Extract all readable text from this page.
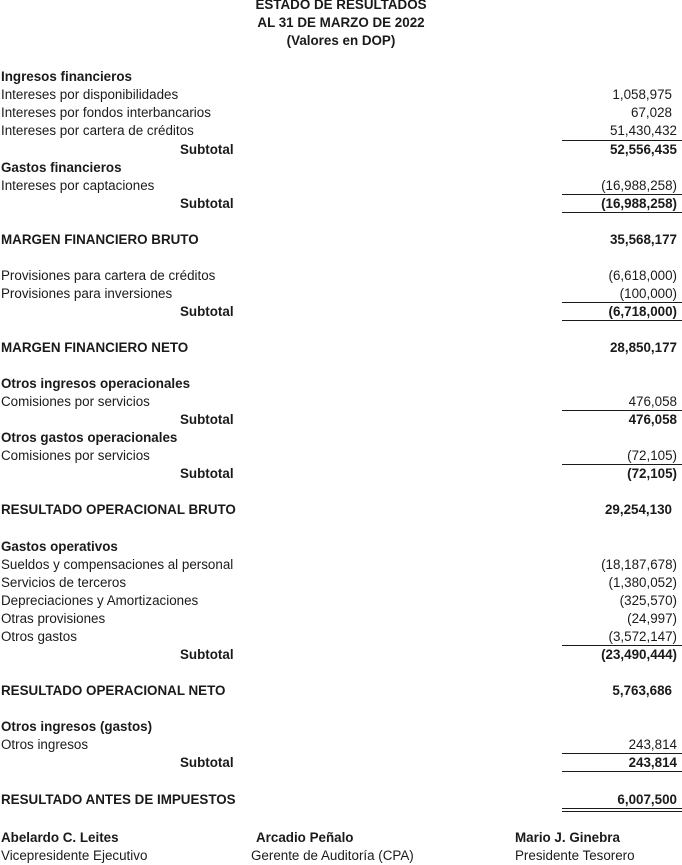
ESTADO DE RESULTADOS
AL 31 DE MARZO DE 2022
(Valores en DOP)
Ingresos financieros
Intereses por disponibilidades	1,058,975
Intereses por fondos interbancarios	67,028
Intereses por cartera de créditos	51,430,432
Subtotal	52,556,435
Gastos financieros
Intereses por captaciones	(16,988,258)
Subtotal	(16,988,258)
MARGEN FINANCIERO BRUTO	35,568,177
Provisiones para cartera de créditos	(6,618,000)
Provisiones para inversiones	(100,000)
Subtotal	(6,718,000)
MARGEN FINANCIERO NETO	28,850,177
Otros ingresos operacionales
Comisiones por servicios	476,058
Subtotal	476,058
Otros gastos operacionales
Comisiones por servicios	(72,105)
Subtotal	(72,105)
RESULTADO OPERACIONAL BRUTO	29,254,130
Gastos operativos
Sueldos y compensaciones al personal	(18,187,678)
Servicios de terceros	(1,380,052)
Depreciaciones y Amortizaciones	(325,570)
Otras provisiones	(24,997)
Otros gastos	(3,572,147)
Subtotal	(23,490,444)
RESULTADO OPERACIONAL NETO	5,763,686
Otros ingresos (gastos)
Otros ingresos	243,814
Subtotal	243,814
RESULTADO ANTES DE IMPUESTOS	6,007,500
Abelardo C. Leites
Vicepresidente Ejecutivo
Arcadio Peñalo
Gerente de Auditoría (CPA)
Mario J. Ginebra
Presidente Tesorero
